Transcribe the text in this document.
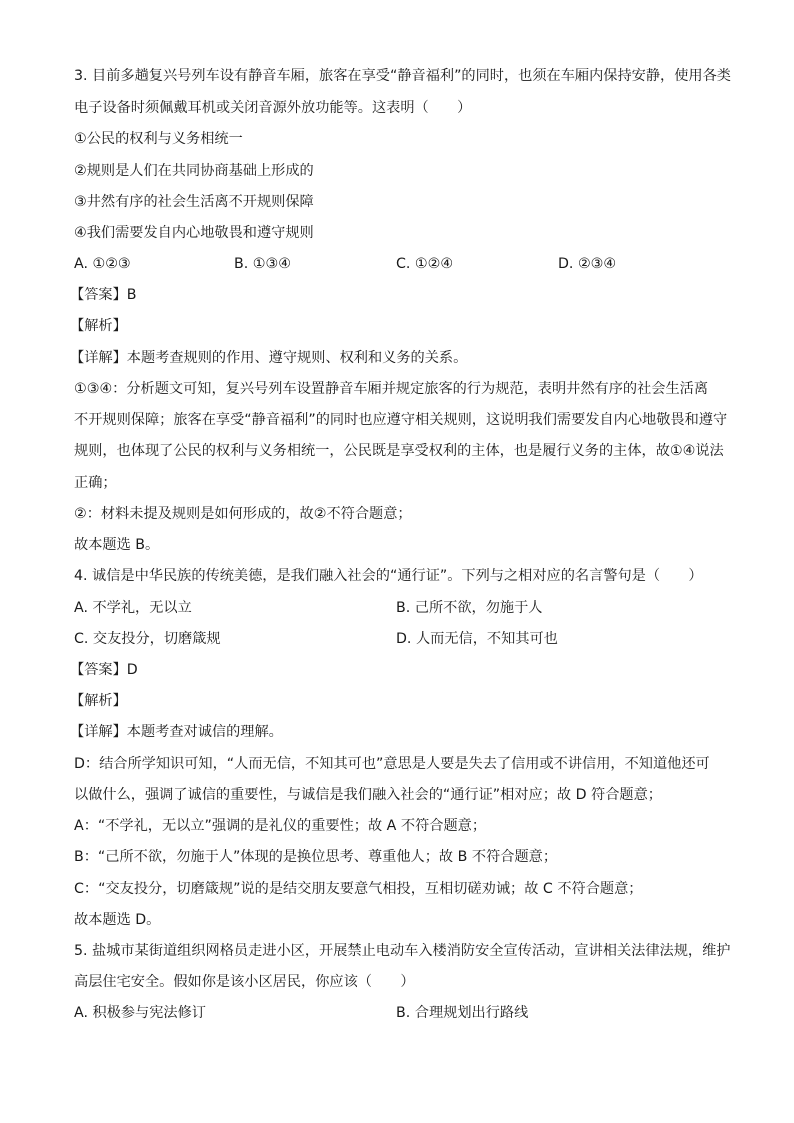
3. 目前多趟复兴号列车设有静音车厢，旅客在享受“静音福利”的同时，也须在车厢内保持安静，使用各类
电子设备时须佩戴耳机或关闭音源外放功能等。这表明（　　）
①公民的权利与义务相统一
②规则是人们在共同协商基础上形成的
③井然有序的社会生活离不开规则保障
④我们需要发自内心地敬畏和遵守规则
A. ①②③	B. ①③④	C. ①②④	D. ②③④
【答案】B
【解析】
【详解】本题考查规则的作用、遵守规则、权利和义务的关系。
①③④：分析题文可知，复兴号列车设置静音车厢并规定旅客的行为规范，表明井然有序的社会生活离
不开规则保障；旅客在享受“静音福利”的同时也应遵守相关规则，这说明我们需要发自内心地敬畏和遵守
规则，也体现了公民的权利与义务相统一，公民既是享受权利的主体，也是履行义务的主体，故①④说法
正确；
②：材料未提及规则是如何形成的，故②不符合题意；
故本题选 B。
4. 诚信是中华民族的传统美德，是我们融入社会的“通行证”。下列与之相对应的名言警句是（　　）
A. 不学礼，无以立	B. 己所不欲，勿施于人
C. 交友投分，切磨箴规	D. 人而无信，不知其可也
【答案】D
【解析】
【详解】本题考查对诚信的理解。
D：结合所学知识可知，“人而无信，不知其可也”意思是人要是失去了信用或不讲信用，不知道他还可
以做什么，强调了诚信的重要性，与诚信是我们融入社会的“通行证”相对应；故 D 符合题意；
A：“不学礼，无以立”强调的是礼仪的重要性；故 A 不符合题意；
B：“己所不欲，勿施于人”体现的是换位思考、尊重他人；故 B 不符合题意；
C：“交友投分，切磨箴规”说的是结交朋友要意气相投，互相切磋劝诫；故 C 不符合题意；
故本题选 D。
5. 盐城市某街道组织网格员走进小区，开展禁止电动车入楼消防安全宣传活动，宣讲相关法律法规，维护
高层住宅安全。假如你是该小区居民，你应该（　　）
A. 积极参与宪法修订	B. 合理规划出行路线
